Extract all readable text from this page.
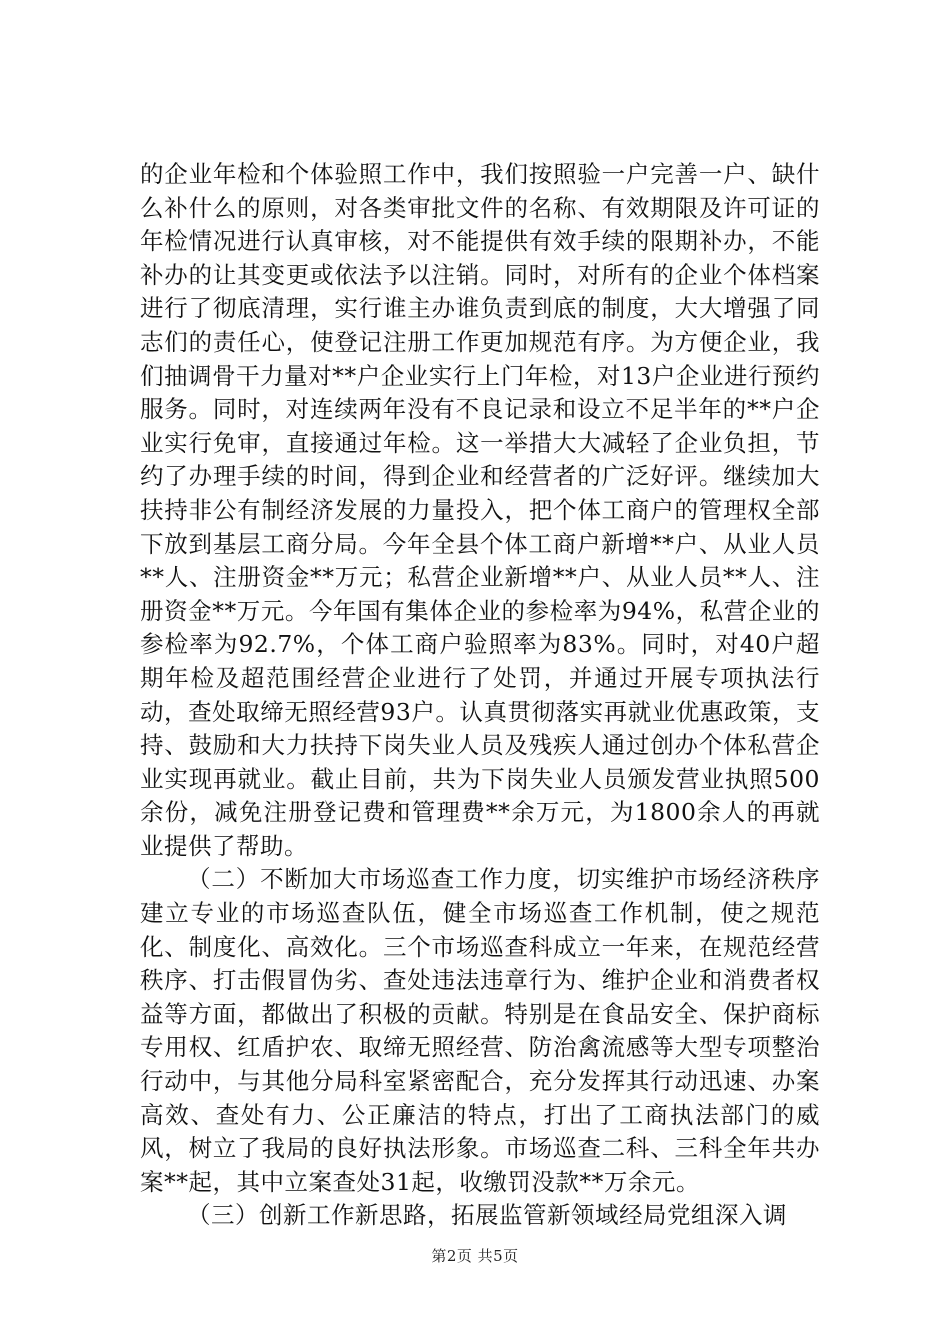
的企业年检和个体验照工作中，我们按照验一户完善一户、缺什么补什么的原则，对各类审批文件的名称、有效期限及许可证的年检情况进行认真审核，对不能提供有效手续的限期补办，不能补办的让其变更或依法予以注销。同时，对所有的企业个体档案进行了彻底清理，实行谁主办谁负责到底的制度，大大增强了同志们的责任心，使登记注册工作更加规范有序。为方便企业，我们抽调骨干力量对**户企业实行上门年检，对13户企业进行预约服务。同时，对连续两年没有不良记录和设立不足半年的**户企业实行免审，直接通过年检。这一举措大大减轻了企业负担，节约了办理手续的时间，得到企业和经营者的广泛好评。继续加大扶持非公有制经济发展的力量投入，把个体工商户的管理权全部下放到基层工商分局。今年全县个体工商户新增**户、从业人员**人、注册资金**万元；私营企业新增**户、从业人员**人、注册资金**万元。今年国有集体企业的参检率为94%，私营企业的参检率为92.7%，个体工商户验照率为83%。同时，对40户超期年检及超范围经营企业进行了处罚，并通过开展专项执法行动，查处取缔无照经营93户。认真贯彻落实再就业优惠政策，支持、鼓励和大力扶持下岗失业人员及残疾人通过创办个体私营企业实现再就业。截止目前，共为下岗失业人员颁发营业执照500余份，减免注册登记费和管理费**余万元，为1800余人的再就业提供了帮助。

（二）不断加大市场巡查工作力度，切实维护市场经济秩序建立专业的市场巡查队伍，健全市场巡查工作机制，使之规范化、制度化、高效化。三个市场巡查科成立一年来，在规范经营秩序、打击假冒伪劣、查处违法违章行为、维护企业和消费者权益等方面，都做出了积极的贡献。特别是在食品安全、保护商标专用权、红盾护农、取缔无照经营、防治禽流感等大型专项整治行动中，与其他分局科室紧密配合，充分发挥其行动迅速、办案高效、查处有力、公正廉洁的特点，打出了工商执法部门的威风，树立了我局的良好执法形象。市场巡查二科、三科全年共办案**起，其中立案查处31起，收缴罚没款**万余元。

（三）创新工作新思路，拓展监管新领域经局党组深入调

第2页 共5页
